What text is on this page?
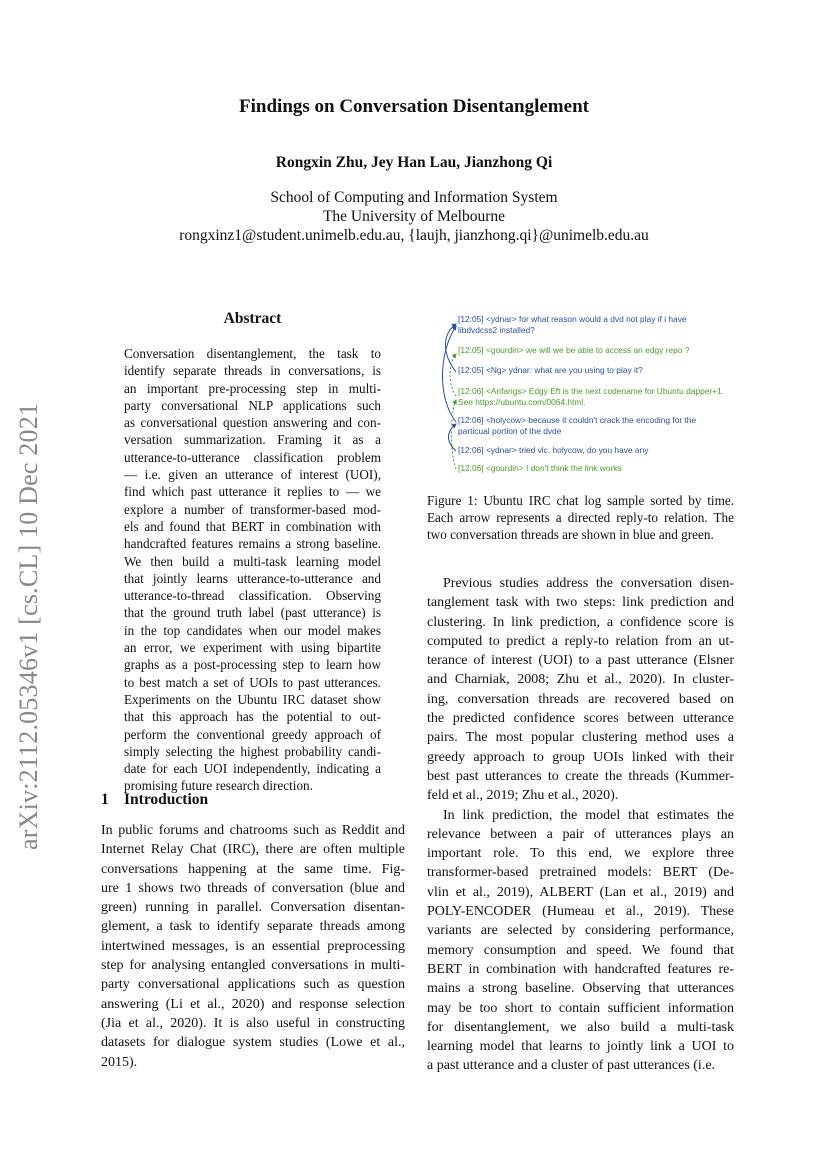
Findings on Conversation Disentanglement
Rongxin Zhu, Jey Han Lau, Jianzhong Qi
School of Computing and Information System
The University of Melbourne
rongxinz1@student.unimelb.edu.au, {laujh, jianzhong.qi}@unimelb.edu.au
arXiv:2112.05346v1 [cs.CL] 10 Dec 2021
Abstract
Conversation disentanglement, the task to
identify separate threads in conversations, is
an important pre-processing step in multi-
party conversational NLP applications such
as conversational question answering and con-
versation summarization. Framing it as a
utterance-to-utterance classification problem
— i.e. given an utterance of interest (UOI),
find which past utterance it replies to — we
explore a number of transformer-based mod-
els and found that BERT in combination with
handcrafted features remains a strong baseline.
We then build a multi-task learning model
that jointly learns utterance-to-utterance and
utterance-to-thread classification. Observing
that the ground truth label (past utterance) is
in the top candidates when our model makes
an error, we experiment with using bipartite
graphs as a post-processing step to learn how
to best match a set of UOIs to past utterances.
Experiments on the Ubuntu IRC dataset show
that this approach has the potential to out-
perform the conventional greedy approach of
simply selecting the highest probability candi-
date for each UOI independently, indicating a
promising future research direction.
1 Introduction
In public forums and chatrooms such as Reddit and
Internet Relay Chat (IRC), there are often multiple
conversations happening at the same time. Fig-
ure 1 shows two threads of conversation (blue and
green) running in parallel. Conversation disentan-
glement, a task to identify separate threads among
intertwined messages, is an essential preprocessing
step for analysing entangled conversations in multi-
party conversational applications such as question
answering (Li et al., 2020) and response selection
(Jia et al., 2020). It is also useful in constructing
datasets for dialogue system studies (Lowe et al.,
2015).
[12:05] <ydnar> for what reason would a dvd not play if i have
libdvdcss2 installed?
[12:05] <gourdin> we will we be able to access an edgy repo ?
[12:05] <Ng> ydnar: what are you using to play it?
[12:06] <Anfangs> Edgy Eft is the next codename for Ubuntu dapper+1.
See https://ubuntu.com/0064.html.
[12:06] <holycow> because it couldn't crack the encoding for the
particual portion of the dvde
[12:06] <ydnar> tried vlc. holycow, do you have any
[12:06] <gourdin> I don't think the link works
Figure 1: Ubuntu IRC chat log sample sorted by time.
Each arrow represents a directed reply-to relation. The
two conversation threads are shown in blue and green.
Previous studies address the conversation disen-
tanglement task with two steps: link prediction and
clustering. In link prediction, a confidence score is
computed to predict a reply-to relation from an ut-
terance of interest (UOI) to a past utterance (Elsner
and Charniak, 2008; Zhu et al., 2020). In cluster-
ing, conversation threads are recovered based on
the predicted confidence scores between utterance
pairs. The most popular clustering method uses a
greedy approach to group UOIs linked with their
best past utterances to create the threads (Kummer-
feld et al., 2019; Zhu et al., 2020).
In link prediction, the model that estimates the
relevance between a pair of utterances plays an
important role. To this end, we explore three
transformer-based pretrained models: BERT (De-
vlin et al., 2019), ALBERT (Lan et al., 2019) and
POLY-ENCODER (Humeau et al., 2019). These
variants are selected by considering performance,
memory consumption and speed. We found that
BERT in combination with handcrafted features re-
mains a strong baseline. Observing that utterances
may be too short to contain sufficient information
for disentanglement, we also build a multi-task
learning model that learns to jointly link a UOI to
a past utterance and a cluster of past utterances (i.e.
